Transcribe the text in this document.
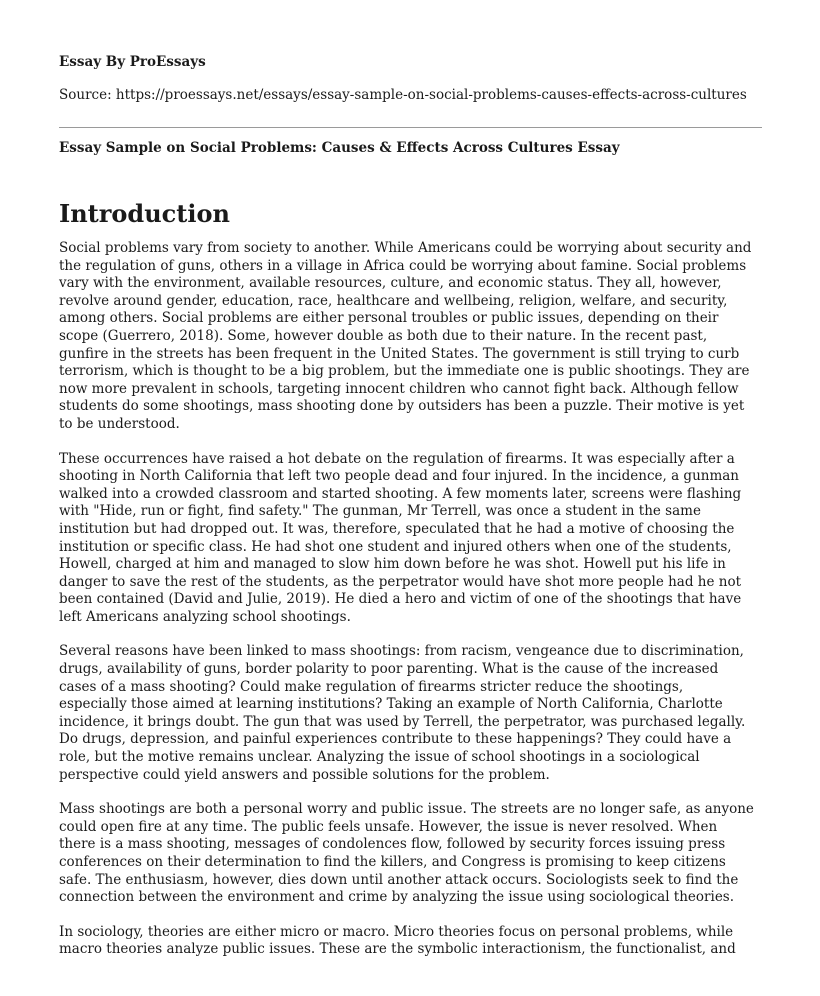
Essay By ProEssays
Source: https://proessays.net/essays/essay-sample-on-social-problems-causes-effects-across-cultures
Essay Sample on Social Problems: Causes & Effects Across Cultures Essay
Introduction

Social problems vary from society to another. While Americans could be worrying about security and
the regulation of guns, others in a village in Africa could be worrying about famine. Social problems
vary with the environment, available resources, culture, and economic status. They all, however,
revolve around gender, education, race, healthcare and wellbeing, religion, welfare, and security,
among others. Social problems are either personal troubles or public issues, depending on their
scope (Guerrero, 2018). Some, however double as both due to their nature. In the recent past,
gunfire in the streets has been frequent in the United States. The government is still trying to curb
terrorism, which is thought to be a big problem, but the immediate one is public shootings. They are
now more prevalent in schools, targeting innocent children who cannot fight back. Although fellow
students do some shootings, mass shooting done by outsiders has been a puzzle. Their motive is yet
to be understood.

These occurrences have raised a hot debate on the regulation of firearms. It was especially after a
shooting in North California that left two people dead and four injured. In the incidence, a gunman
walked into a crowded classroom and started shooting. A few moments later, screens were flashing
with "Hide, run or fight, find safety." The gunman, Mr Terrell, was once a student in the same
institution but had dropped out. It was, therefore, speculated that he had a motive of choosing the
institution or specific class. He had shot one student and injured others when one of the students,
Howell, charged at him and managed to slow him down before he was shot. Howell put his life in
danger to save the rest of the students, as the perpetrator would have shot more people had he not
been contained (David and Julie, 2019). He died a hero and victim of one of the shootings that have
left Americans analyzing school shootings.

Several reasons have been linked to mass shootings: from racism, vengeance due to discrimination,
drugs, availability of guns, border polarity to poor parenting. What is the cause of the increased
cases of a mass shooting? Could make regulation of firearms stricter reduce the shootings,
especially those aimed at learning institutions? Taking an example of North California, Charlotte
incidence, it brings doubt. The gun that was used by Terrell, the perpetrator, was purchased legally.
Do drugs, depression, and painful experiences contribute to these happenings? They could have a
role, but the motive remains unclear. Analyzing the issue of school shootings in a sociological
perspective could yield answers and possible solutions for the problem.

Mass shootings are both a personal worry and public issue. The streets are no longer safe, as anyone
could open fire at any time. The public feels unsafe. However, the issue is never resolved. When
there is a mass shooting, messages of condolences flow, followed by security forces issuing press
conferences on their determination to find the killers, and Congress is promising to keep citizens
safe. The enthusiasm, however, dies down until another attack occurs. Sociologists seek to find the
connection between the environment and crime by analyzing the issue using sociological theories.

In sociology, theories are either micro or macro. Micro theories focus on personal problems, while
macro theories analyze public issues. These are the symbolic interactionism, the functionalist, and
